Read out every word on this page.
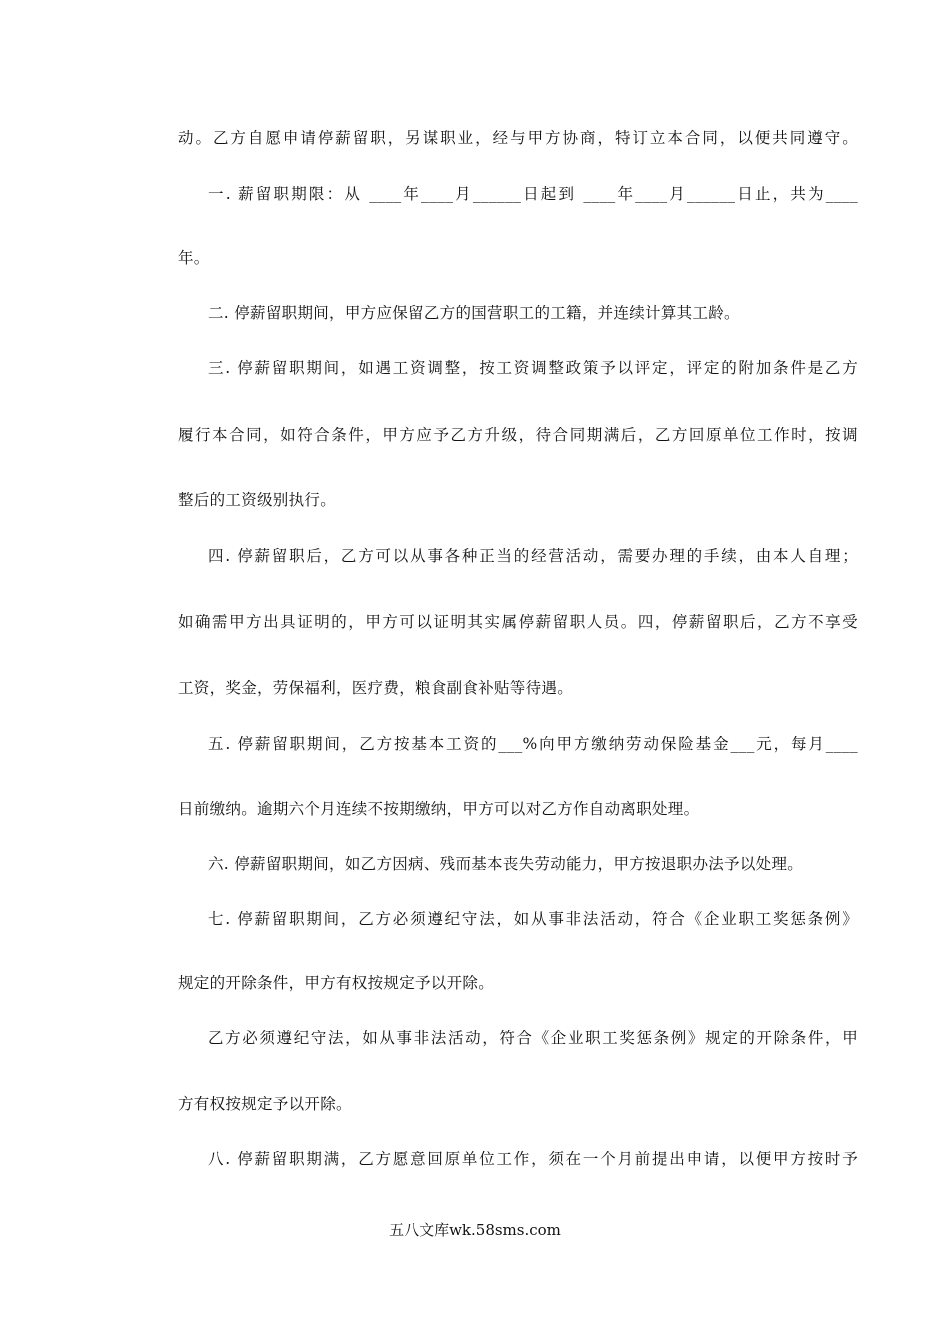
动。乙方自愿申请停薪留职，另谋职业，经与甲方协商，特订立本合同，以便共同遵守。
一. 薪留职期限：从 ____年____月______日起到 ____年____月______日止，共为____
年。
二. 停薪留职期间，甲方应保留乙方的国营职工的工籍，并连续计算其工龄。
三. 停薪留职期间，如遇工资调整，按工资调整政策予以评定，评定的附加条件是乙方
履行本合同，如符合条件，甲方应予乙方升级，待合同期满后，乙方回原单位工作时，按调
整后的工资级别执行。
四. 停薪留职后，乙方可以从事各种正当的经营活动，需要办理的手续，由本人自理；
如确需甲方出具证明的，甲方可以证明其实属停薪留职人员。四，停薪留职后，乙方不享受
工资，奖金，劳保福利，医疗费，粮食副食补贴等待遇。
五. 停薪留职期间，乙方按基本工资的___%向甲方缴纳劳动保险基金___元，每月____
日前缴纳。逾期六个月连续不按期缴纳，甲方可以对乙方作自动离职处理。
六. 停薪留职期间，如乙方因病、残而基本丧失劳动能力，甲方按退职办法予以处理。
七. 停薪留职期间，乙方必须遵纪守法，如从事非法活动，符合《企业职工奖惩条例》
规定的开除条件，甲方有权按规定予以开除。
乙方必须遵纪守法，如从事非法活动，符合《企业职工奖惩条例》规定的开除条件，甲
方有权按规定予以开除。
八. 停薪留职期满，乙方愿意回原单位工作，须在一个月前提出申请，以便甲方按时予
五八文库wk.58sms.com
